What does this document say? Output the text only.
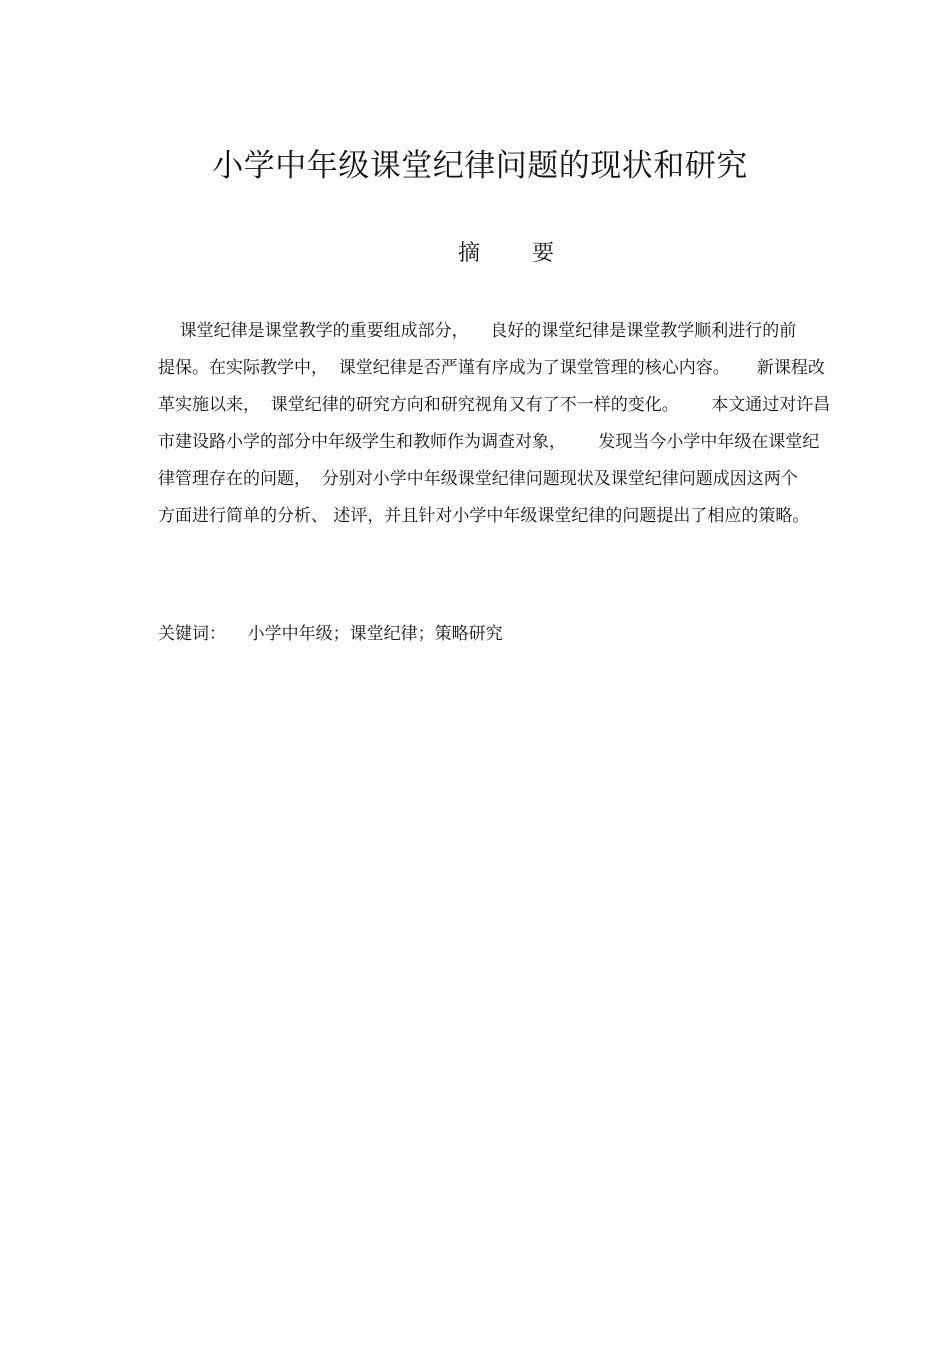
小学中年级课堂纪律问题的现状和研究
摘 要
课堂纪律是课堂教学的重要组成部分，    良好的课堂纪律是课堂教学顺利进行的前
提保。在实际教学中，  课堂纪律是否严谨有序成为了课堂管理的核心内容。     新课程改
革实施以来，  课堂纪律的研究方向和研究视角又有了不一样的变化。      本文通过对许昌
市建设路小学的部分中年级学生和教师作为调查对象，      发现当今小学中年级在课堂纪
律管理存在的问题，  分别对小学中年级课堂纪律问题现状及课堂纪律问题成因这两个
方面进行简单的分析、 述评，并且针对小学中年级课堂纪律的问题提出了相应的策略。
关键词： 小学中年级；课堂纪律；策略研究
